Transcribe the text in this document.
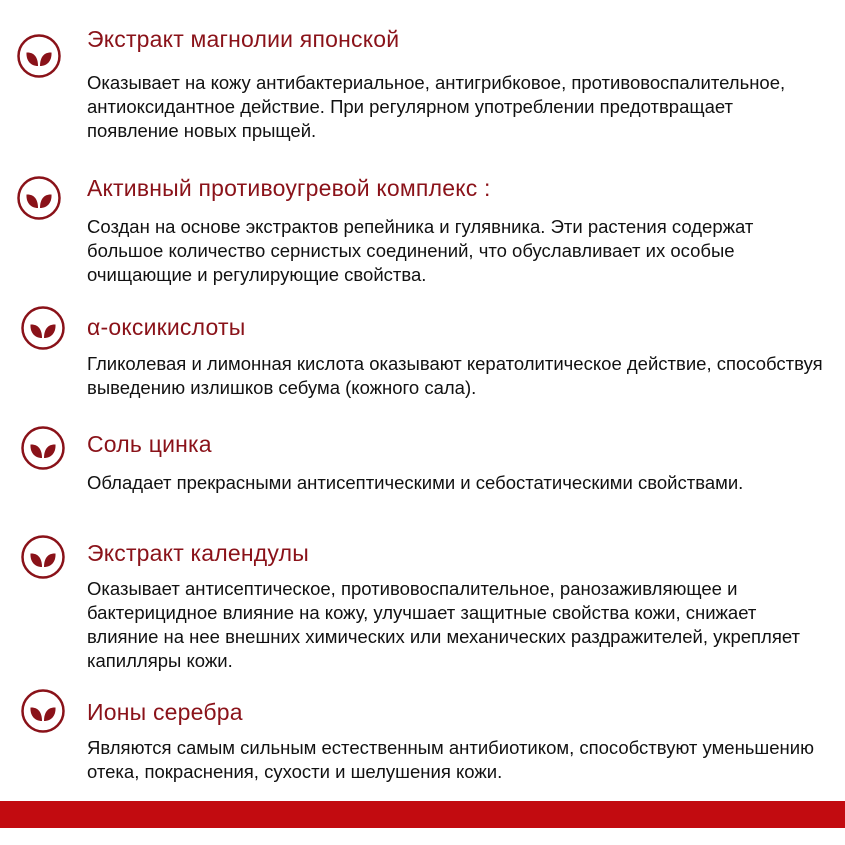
Экстракт магнолии японской
Оказывает на кожу антибактериальное, антигрибковое, противовоспалительное, антиоксидантное действие. При регулярном употреблении предотвращает появление новых прыщей.
Активный противоугревой комплекс :
Создан на основе экстрактов репейника и гулявника. Эти растения содержат большое количество сернистых соединений, что обуславливает их особые очищающие и регулирующие свойства.
α-оксикислоты
Гликолевая и лимонная кислота оказывают кератолитическое действие, способствуя выведению излишков себума (кожного сала).
Соль цинка
Обладает прекрасными антисептическими и себостатическими свойствами.
Экстракт календулы
Оказывает антисептическое, противовоспалительное, ранозаживляющее и бактерицидное влияние на кожу, улучшает защитные свойства кожи, снижает влияние на нее внешних химических или механических раздражителей, укрепляет капилляры кожи.
Ионы серебра
Являются самым сильным естественным антибиотиком, способствуют уменьшению отека, покраснения, сухости и шелушения кожи.
